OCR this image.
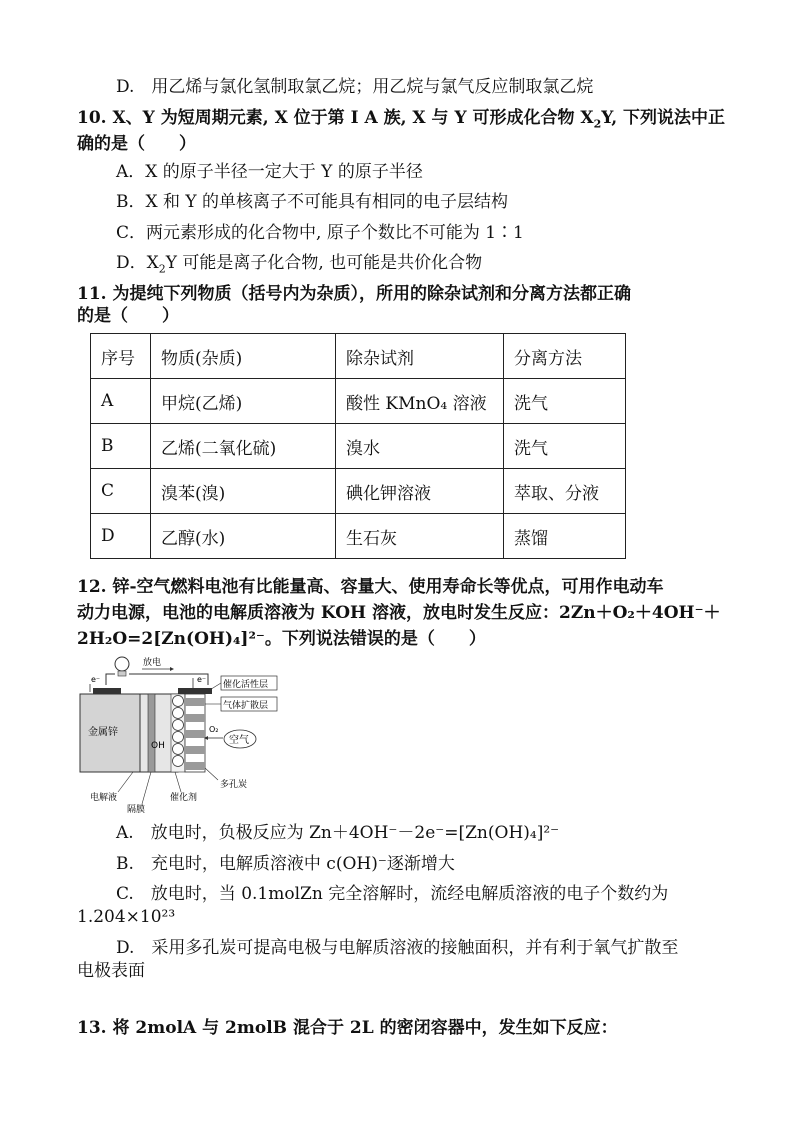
D.　用乙烯与氯化氢制取氯乙烷；用乙烷与氯气反应制取氯乙烷
10. X、Y 为短周期元素, X 位于第 Ⅰ A 族, X 与 Y 可形成化合物 $X_2Y$, 下列说法中正
确的是（　　）
A．X 的原子半径一定大于 Y 的原子半径
B．X 和 Y 的单核离子不可能具有相同的电子层结构
C．两元素形成的化合物中, 原子个数比不可能为 1∶1
D．$X_2Y$ 可能是离子化合物, 也可能是共价化合物
11. 为提纯下列物质（括号内为杂质），所用的除杂试剂和分离方法都正确
的是（　　）
序号	物质(杂质)	除杂试剂	分离方法
A	甲烷(乙烯)	酸性 KMnO₄ 溶液	洗气
B	乙烯(二氧化硫)	溴水	洗气
C	溴苯(溴)	碘化钾溶液	萃取、分液
D	乙醇(水)	生石灰	蒸馏
12. 锌-空气燃料电池有比能量高、容量大、使用寿命长等优点，可用作电动车
动力电源，电池的电解质溶液为 KOH 溶液，放电时发生反应：2Zn＋O₂＋4OH⁻＋
2H₂O=2[Zn(OH)₄]²⁻。下列说法错误的是（　　）
放电
e⁻	e⁻
金属锌
OH
O₂
空气
催化活性层
气体扩散层
多孔炭
电解液	催化剂
隔膜
A.　放电时，负极反应为 Zn＋4OH⁻－2e⁻=[Zn(OH)₄]²⁻
B.　充电时，电解质溶液中 c(OH)⁻逐渐增大
C.　放电时，当 0.1molZn 完全溶解时，流经电解质溶液的电子个数约为
1.204×10²³
D.　采用多孔炭可提高电极与电解质溶液的接触面积，并有利于氧气扩散至
电极表面
13. 将 2molA 与 2molB 混合于 2L 的密闭容器中，发生如下反应：
